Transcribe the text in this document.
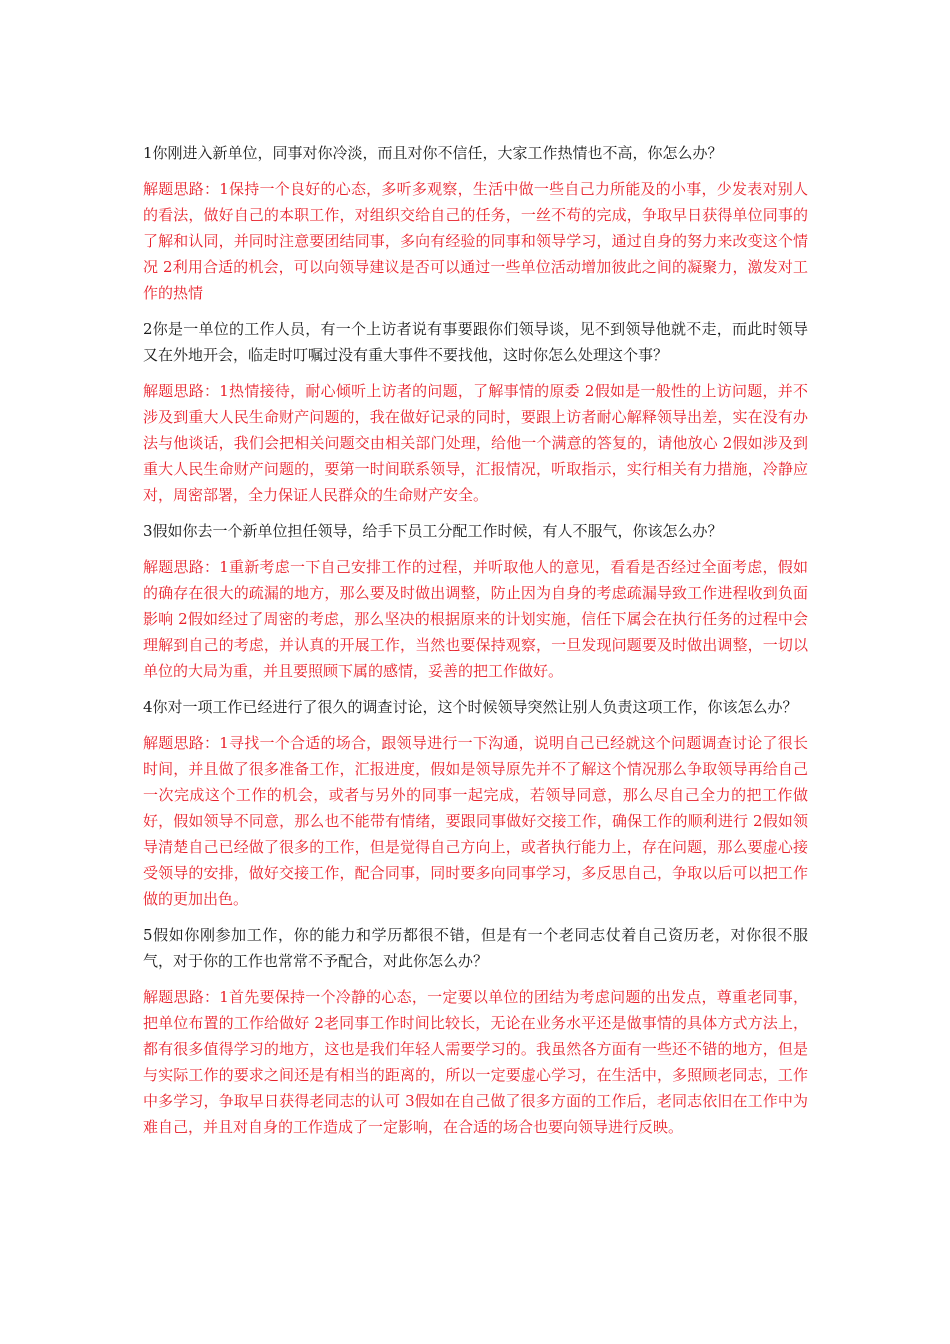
1你刚进入新单位，同事对你冷淡，而且对你不信任，大家工作热情也不高，你怎么办？

解题思路：1保持一个良好的心态，多听多观察，生活中做一些自己力所能及的小事，少发表对别人的看法，做好自己的本职工作，对组织交给自己的任务，一丝不苟的完成，争取早日获得单位同事的了解和认同，并同时注意要团结同事，多向有经验的同事和领导学习，通过自身的努力来改变这个情况 2利用合适的机会，可以向领导建议是否可以通过一些单位活动增加彼此之间的凝聚力，激发对工作的热情

2你是一单位的工作人员，有一个上访者说有事要跟你们领导谈，见不到领导他就不走，而此时领导又在外地开会，临走时叮嘱过没有重大事件不要找他，这时你怎么处理这个事？

解题思路：1热情接待，耐心倾听上访者的问题，了解事情的原委 2假如是一般性的上访问题，并不涉及到重大人民生命财产问题的，我在做好记录的同时，要跟上访者耐心解释领导出差，实在没有办法与他谈话，我们会把相关问题交由相关部门处理，给他一个满意的答复的，请他放心 2假如涉及到重大人民生命财产问题的，要第一时间联系领导，汇报情况，听取指示，实行相关有力措施，冷静应对，周密部署，全力保证人民群众的生命财产安全。

3假如你去一个新单位担任领导，给手下员工分配工作时候，有人不服气，你该怎么办？

解题思路：1重新考虑一下自己安排工作的过程，并听取他人的意见，看看是否经过全面考虑，假如的确存在很大的疏漏的地方，那么要及时做出调整，防止因为自身的考虑疏漏导致工作进程收到负面影响 2假如经过了周密的考虑，那么坚决的根据原来的计划实施，信任下属会在执行任务的过程中会理解到自己的考虑，并认真的开展工作，当然也要保持观察，一旦发现问题要及时做出调整，一切以单位的大局为重，并且要照顾下属的感情，妥善的把工作做好。

4你对一项工作已经进行了很久的调查讨论，这个时候领导突然让别人负责这项工作，你该怎么办？

解题思路：1寻找一个合适的场合，跟领导进行一下沟通，说明自己已经就这个问题调查讨论了很长时间，并且做了很多准备工作，汇报进度，假如是领导原先并不了解这个情况那么争取领导再给自己一次完成这个工作的机会，或者与另外的同事一起完成，若领导同意，那么尽自己全力的把工作做好，假如领导不同意，那么也不能带有情绪，要跟同事做好交接工作，确保工作的顺利进行 2假如领导清楚自己已经做了很多的工作，但是觉得自己方向上，或者执行能力上，存在问题，那么要虚心接受领导的安排，做好交接工作，配合同事，同时要多向同事学习，多反思自己，争取以后可以把工作做的更加出色。

5假如你刚参加工作，你的能力和学历都很不错，但是有一个老同志仗着自己资历老，对你很不服气，对于你的工作也常常不予配合，对此你怎么办？

解题思路：1首先要保持一个冷静的心态，一定要以单位的团结为考虑问题的出发点，尊重老同事，把单位布置的工作给做好 2老同事工作时间比较长，无论在业务水平还是做事情的具体方式方法上，都有很多值得学习的地方，这也是我们年轻人需要学习的。我虽然各方面有一些还不错的地方，但是与实际工作的要求之间还是有相当的距离的，所以一定要虚心学习，在生活中，多照顾老同志，工作中多学习，争取早日获得老同志的认可 3假如在自己做了很多方面的工作后，老同志依旧在工作中为难自己，并且对自身的工作造成了一定影响，在合适的场合也要向领导进行反映。
